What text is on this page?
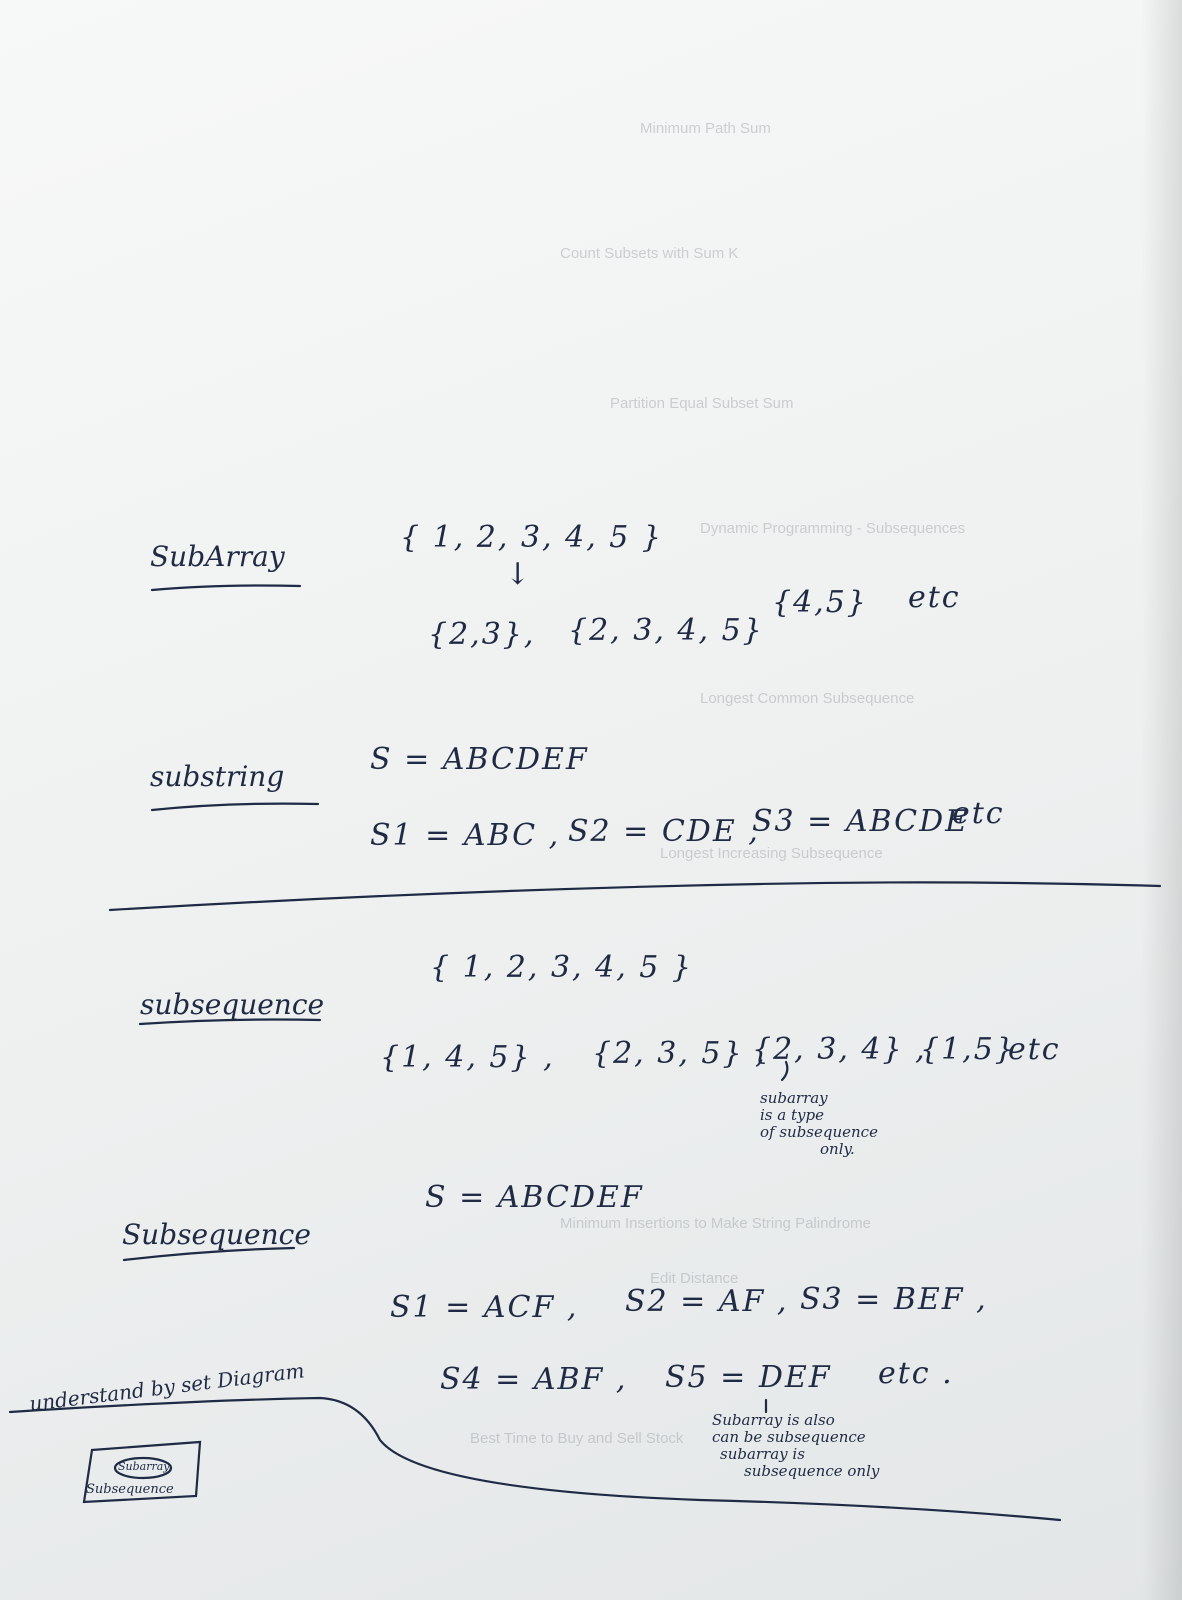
Minimum Path Sum
Count Subsets with Sum K
Partition Equal Subset Sum
Dynamic Programming - Subsequences
Longest Common Subsequence
Longest Increasing Subsequence
Minimum Insertions to Make String Palindrome
Edit Distance
Best Time to Buy and Sell Stock
SubArray
{ 1, 2, 3, 4, 5 }
↓
{2,3}, {2, 3, 4, 5}
{4,5} etc
substring	S = ABCDEF
S1 = ABC , S2 = CDE ,
S3 = ABCDE
etc
subsequence
{ 1, 2, 3, 4, 5 }
{1, 4, 5} , {2, 3, 5} ,
{2, 3, 4} ,
{1,5}
etc
subarray
is a type
of subsequence
only.
Subsequence
S = ABCDEF
S1 = ACF , S2 = AF , S3 = BEF ,
S4 = ABF , S5 = DEF etc .
Subarray is also
can be subsequence
subarray is
subsequence only
understand by set Diagram
Subarray
Subsequence
